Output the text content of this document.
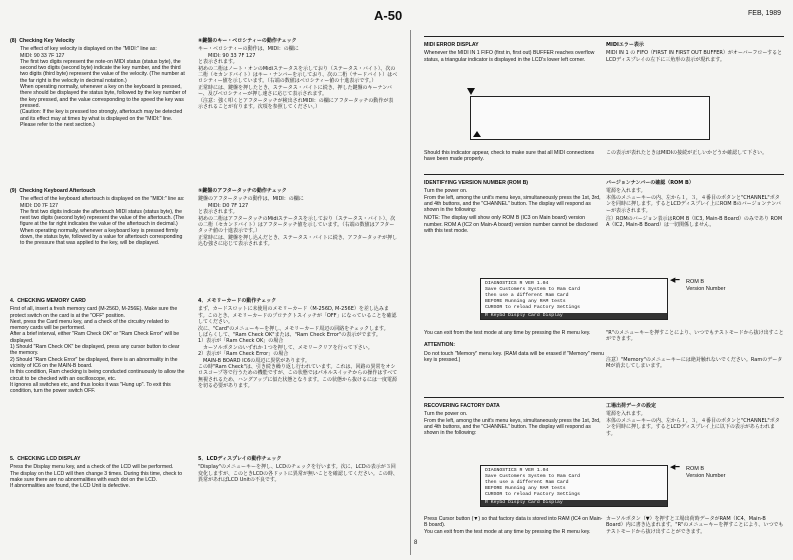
A-50	FEB, 1989

(8)  Checking Key Velocity

The effect of key velocity is displayed on the "MIDI:" line as:
MIDI: 90 33 7F 127
The first two digits represent the note-on MIDI status (status byte), the second two digits (second byte) indicate the key number, and the third two digits (third byte) represent the value of the velocity. (The number at the far right is the velocity in decimal notation.)
When operating normally, whenever a key on the keyboard is pressed, there should be displayed the status byte, followed by the key number of the key pressed, and the value corresponding to the speed the key was pressed.
(Caution: If the key is pressed too strongly, aftertouch may be detected and its effect may at times by what is displayed on the "MIDI:" line. Please refer to the next section.)

(9)  Checking Keyboard Aftertouch

The effect of the keyboard aftertouch is displayed on the "MIDI:" line as:
MIDI: D0 7F 127
The first two digits indicate the aftertouch MIDI status (status byte), the next two digits (second byte) represent the value of the aftertouch. (The figure at the far right indicates the value of the aftertouch in decimal.)
When operating normally, whenever a keyboard key is pressed firmly down, the status byte, followed by a value for aftertouch corresponding to the pressure that was applied to the key, will be displayed.

4.  CHECKING MEMORY CARD

First of all, insert a fresh memory card (M-256D, M-256E). Make sure the protect switch on the card is at the "OFF" position.
Next, press the Card menu key, and a check of the circuitry related to memory cards will be performed.
After a brief interval, either "Ram Check OK" or "Ram Check Error" will be displayed.
1) Should "Ram Check OK" be displayed, press any cursor button to clear the memory.
2) Should "Ram Check Error" be displayed, there is an abnormality in the vicinity of IC6 on the MAIN-B board.
In this condition, Ram checking is being conducted continuously to allow the circuit to be checked with an oscilloscope, etc.
It ignores all switches etc, and thus looks it was "Hung up". To exit this condition, turn the power switch OFF.

5.  CHECKING LCD DISPLAY

Press the Display menu key, and a check of the LCD will be performed.
The display on the LCD will then change 3 times. During this time, check to make sure there are no abnormalities with each dot on the LCD.
If abnormalities are found, the LCD Unit is defective.

⑧鍵盤のキー・ベロシティーの動作チェック

キー・ベロシティーの動作は、MIDI：の欄に
　　MIDI: 90 33 7F 127
と表示されます。
初めの二桁はノート・オンのMidiステータスを示しており（ステータス・バイト）、次の二桁（セカンドバイト）はキー・ナンバーを示しており、次の二桁（サードバイト）はベロシティー値を示しています。（右端の数値はベロシティー値の十進表示です。）
正常時には、鍵盤を押したとき、ステータス・バイトに続き、押した鍵盤のキーナンバー、及びベロシティーが押し速さに応じて表示されます。
（注意：強く叩くとアフタータッチが検出されMIDI：の欄にアフタータッチの動作が表示されることが有ります。次項を参照してください。）

⑨鍵盤のアフタータッチの動作チェック

鍵盤のアフタータッチの動作は、MIDI：の欄に
　　MIDI: D0 7F 127
と表示されます。
初めの二桁はアフタータッチのMidiステータスを示しており（ステータス・バイト）、次の二桁（セカンドバイト）はアフタータッチ値を示しています。（右端の数値はアフタータッチ値の十進表示です。）
正常時には、鍵盤を押し込んだとき、ステータス・バイトに続き、アフタータッチが押し込む強さに応じて表示されます。

4．メモリーカードの動作チェック

まず、カードスロットに未使用のメモリーカード（M-256D, M-256E）を差し込みます。このとき、メモリーカードのプロテクトスイッチが「OFF」になっていることを確認してください。
次に、"Card"のメニューキーを押し、メモリーカード周辺の回路をチェックします。
しばらくして、"Ram Check OK"または、"Ram Check Error"の表示がでます。
1）表示が「Ram Check OK」の場合
　カーソルボタンのいずれか１つを押して、メモリークリアを行って下さい。
2）表示が「Ram Check Error」の場合
　MAIN-B BOARD IC6の周辺に異常があります。
この時"Ram Check"は、引き続き繰り返し行われています。これは、回路の異常をオシロスコープ等で行うための機能ですが、この状態ではパネルスイッチからの操作はすべて無視されるため、ハングアップに似た状態となります。この状態から抜けるには一度電源を切る必要があります。

5．LCDディスプレイの動作チェック

"Display"のメニューキーを押し、LCDのチェックを行います。次に、LCDの表示が３回変化しますが、このときLCDの各ドットに異常が無いことを確認してください。この時、異常があればLCD Unitの不良です。

MIDI ERROR DISPLAY

Whenever the MIDI IN 1 FIFO (first in, first out) BUFFER reaches overflow status, a triangular indicator is displayed in the LCD's lower left corner.

MIDIエラー表示

MIDI IN 1 の FIFO（FIRST IN FIRST OUT BUFFER）がオーバーフローするとLCDディスプレイの左下に三角形の表示が現れます。

Should this indicator appear, check to make sure that all MIDI connections have been made properly.

この表示が表れたときはMIDIの接続が正しいかどうか確認して下さい。

IDENTIFYING VERSION NUMBER (ROM B)

Turn the power on.
From the left, among the unit's menu keys, simultaneously press the 1st, 3rd, and 4th buttons, and the "CHANNEL" button. The display will respond as shown in the following:

NOTE: The display will show only ROM B (IC3 on Main board) version number. ROM A (IC2 on Main-A board) version number cannot be disclosed with this test mode.

バージョンナンバーの確認（ROM B）

電源を入れます。
本体のメニューキーの内、左から１，３，４番目のボタンと"CHANNEL"ボタンを同時に押します。するとLCDディスプレイ上にROM Bのバージョンナンバーが表示されます。

注）ROMのバージョン表示はROM B（IC3, Main-B Board）のみであり ROM A（IC2, Main-B Board）は一切関係しません。

DIAGNOSTICS R VER 1.04
Save Customers System to Ram Card
then use a different Ram Card
BEFORE Running any RAM tests
CURSOR to reload Factory Settings
R Keybd Disply Card Display
◀━ ROM B
Version Number

You can exit from the test mode at any time by pressing the R menu key.

ATTENTION:

Do not touch "Memory" menu key. (RAM data will be erased if "Memory" menu key is pressed.)

"R"のメニューキーを押すことにより、いつでもテストモードから抜け出すことができます。

注意）"Memory"のメニューキーには絶対触れないでください。RamのデータMが消去してしまいます。

RECOVERING FACTORY DATA

Turn the power on.
From the left, among the unit's menu keys, simultaneously press the 1st, 3rd, and 4th buttons, and the "CHANNEL" button. The display will respond as shown in the following:

工場出荷データの設定

電源を入れます。
本体のメニューキーの内、左から１，３，４番目のボタンと"CHANNEL"ボタンを同時に押します。するとLCDディスプレイ上に以下の表示があらわれます。

DIAGNOSTICS R VER 1.04
Save Customers System to Ram Card
then use a different Ram Card
BEFORE Running any RAM tests
CURSOR to reload Factory Settings
R Keybd Disply Card Display
◀━ ROM B
Version Number

Press Cursor button (▼) so that factory data is stored into RAM (IC4 on Main-B board).
You can exit from the test mode at any time by pressing the R menu key.

カーソルボタン（▼）を押すと工場出荷時データがRAM（IC4、Main-B Board）内に書き込まれます。"R"のメニューキーを押すことにより、いつでもテストモードから抜け出すことができます。

8
